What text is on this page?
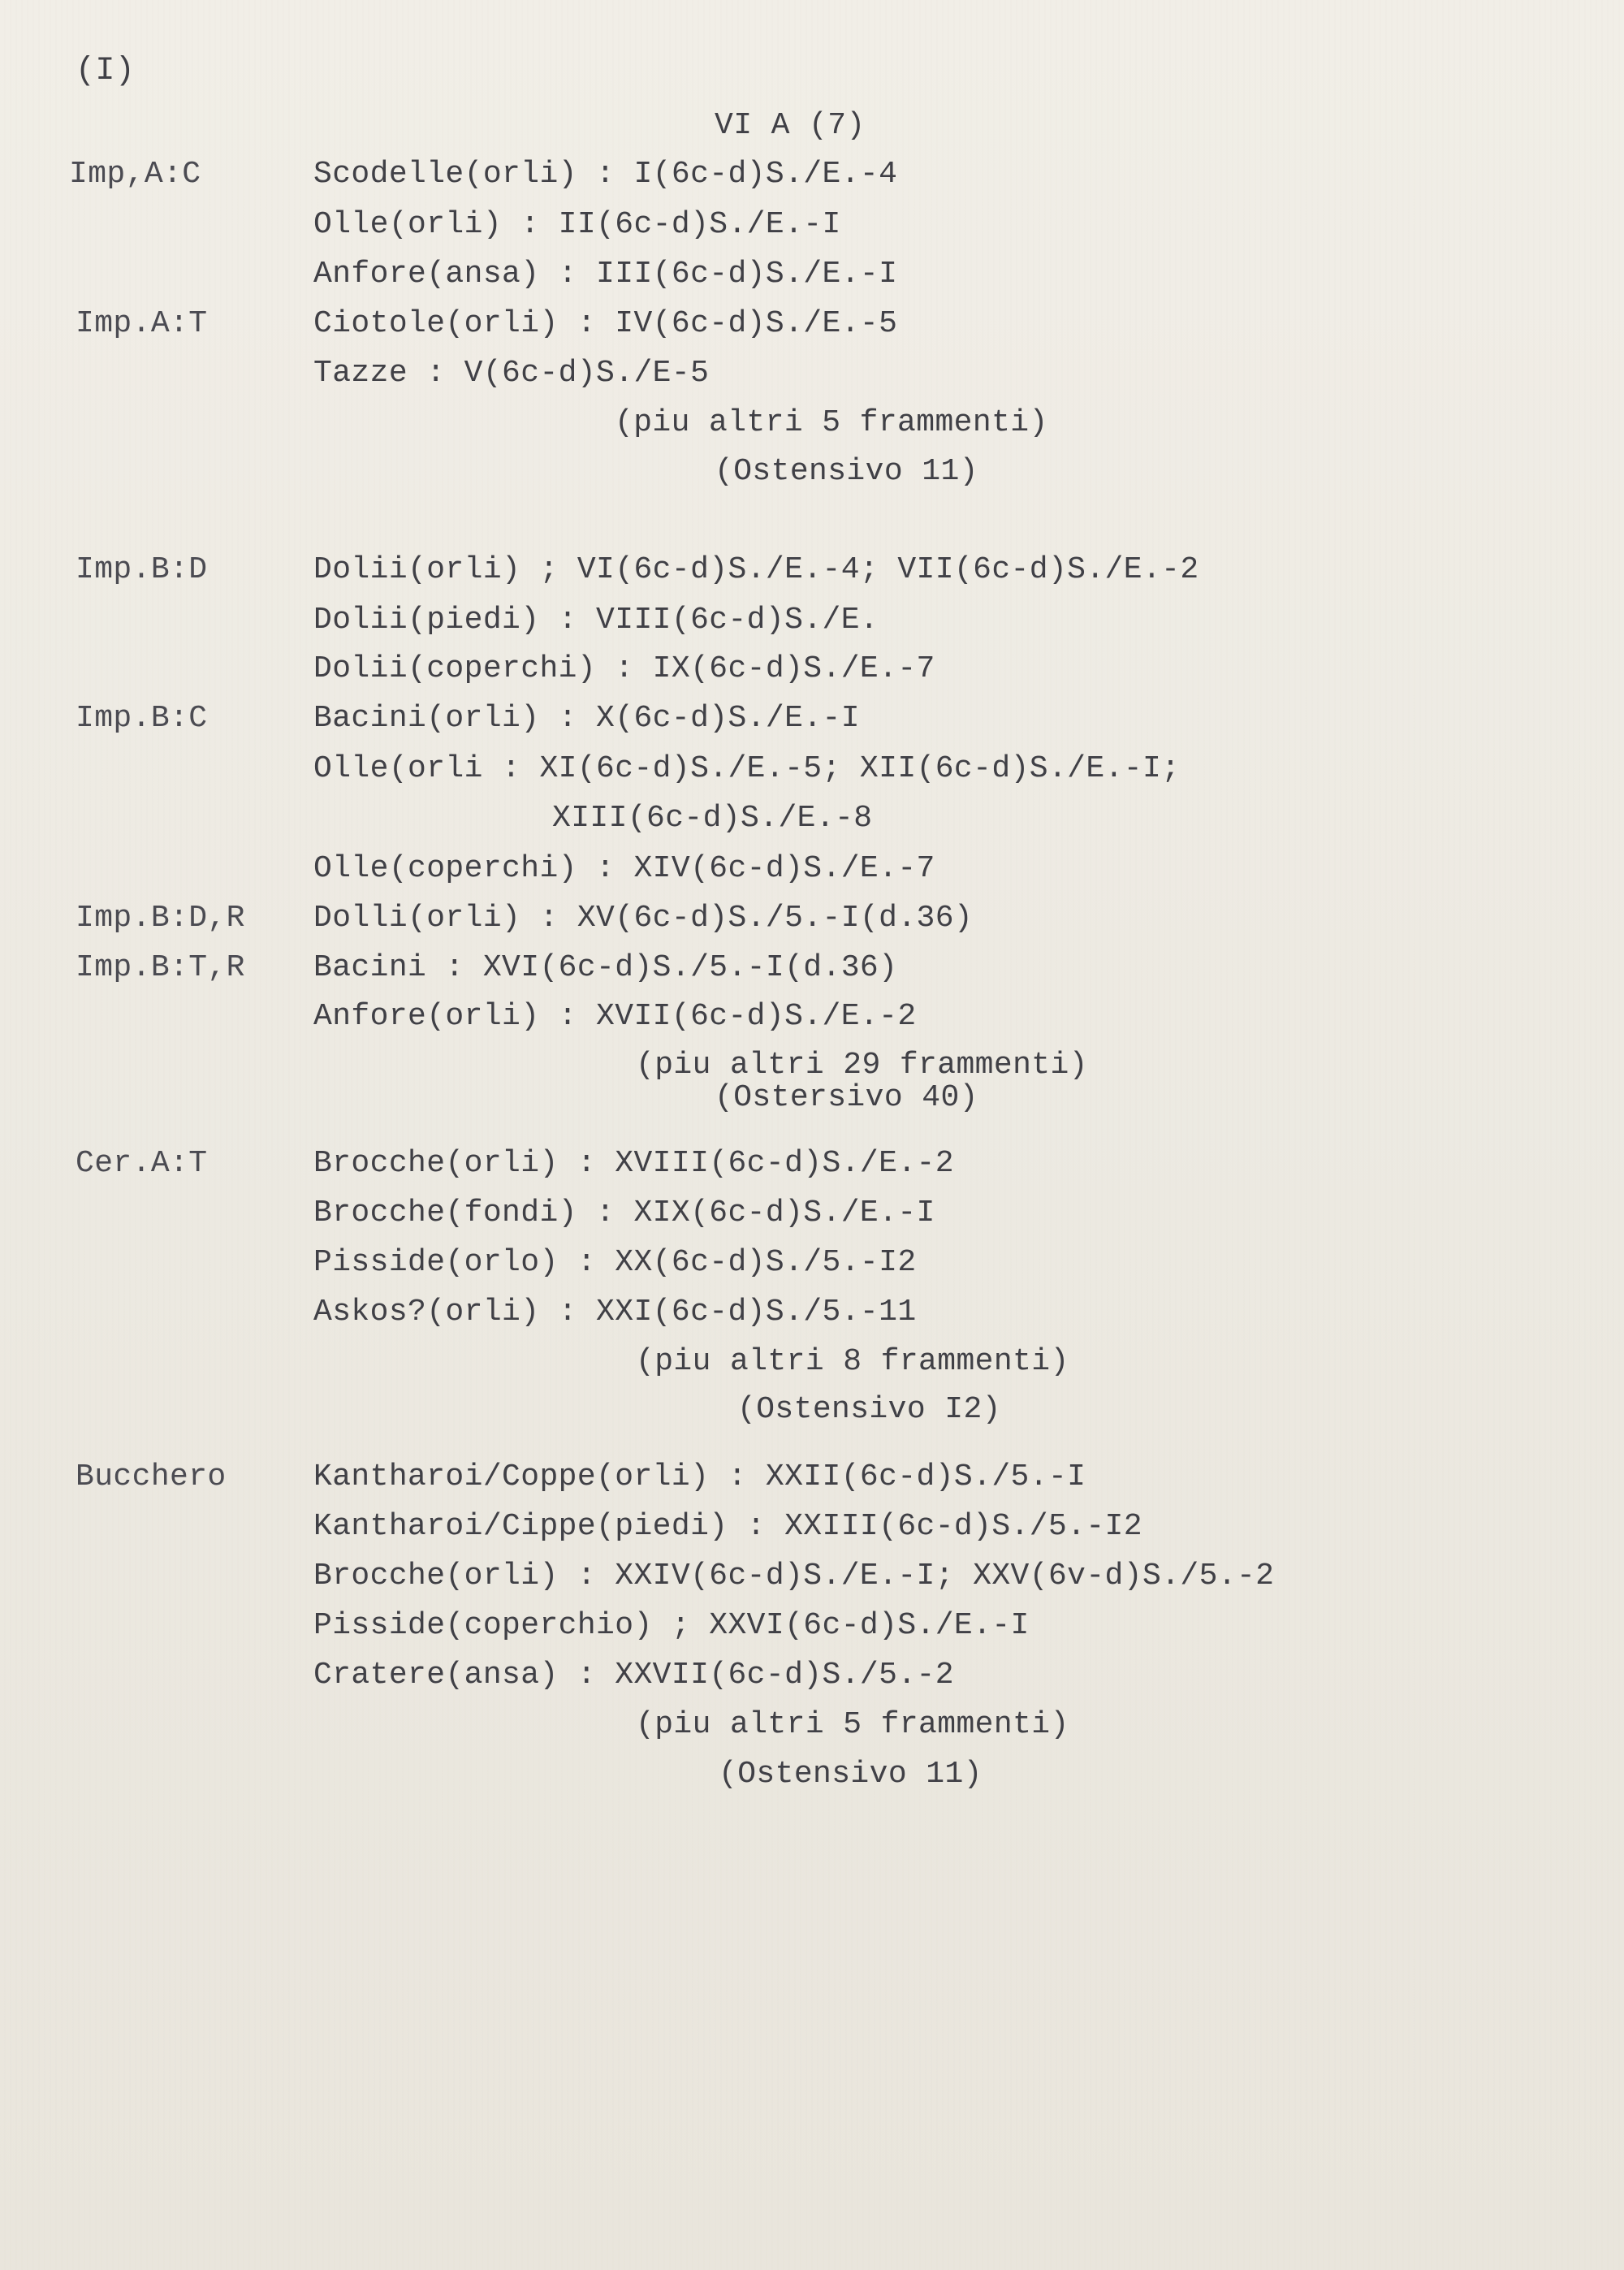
(I)
VI A (7)
Imp,A:C	Scodelle(orli) : I(6c-d)S./E.-4
Olle(orli) : II(6c-d)S./E.-I
Anfore(ansa) : III(6c-d)S./E.-I
Imp.A:T	Ciotole(orli) : IV(6c-d)S./E.-5
Tazze : V(6c-d)S./E-5
(piu altri 5 frammenti)
(Ostensivo 11)
Imp.B:D	Dolii(orli) ; VI(6c-d)S./E.-4; VII(6c-d)S./E.-2
Dolii(piedi) : VIII(6c-d)S./E.
Dolii(coperchi) : IX(6c-d)S./E.-7
Imp.B:C	Bacini(orli) : X(6c-d)S./E.-I
Olle(orli : XI(6c-d)S./E.-5; XII(6c-d)S./E.-I;
XIII(6c-d)S./E.-8
Olle(coperchi) : XIV(6c-d)S./E.-7
Imp.B:D,R Dolli(orli) : XV(6c-d)S./5.-I(d.36)
Imp.B:T,R Bacini : XVI(6c-d)S./5.-I(d.36)
Anfore(orli) : XVII(6c-d)S./E.-2
(piu altri 29 frammenti)
(Ostersivo 40)
Cer.A:T	Brocche(orli) : XVIII(6c-d)S./E.-2
Brocche(fondi) : XIX(6c-d)S./E.-I
Pisside(orlo) : XX(6c-d)S./5.-I2
Askos?(orli) : XXI(6c-d)S./5.-11
(piu altri 8 frammenti)
(Ostensivo I2)
Bucchero	Kantharoi/Coppe(orli) : XXII(6c-d)S./5.-I
Kantharoi/Cippe(piedi) : XXIII(6c-d)S./5.-I2
Brocche(orli) : XXIV(6c-d)S./E.-I; XXV(6v-d)S./5.-2
Pisside(coperchio) ; XXVI(6c-d)S./E.-I
Cratere(ansa) : XXVII(6c-d)S./5.-2
(piu altri 5 frammenti)
(Ostensivo 11)
